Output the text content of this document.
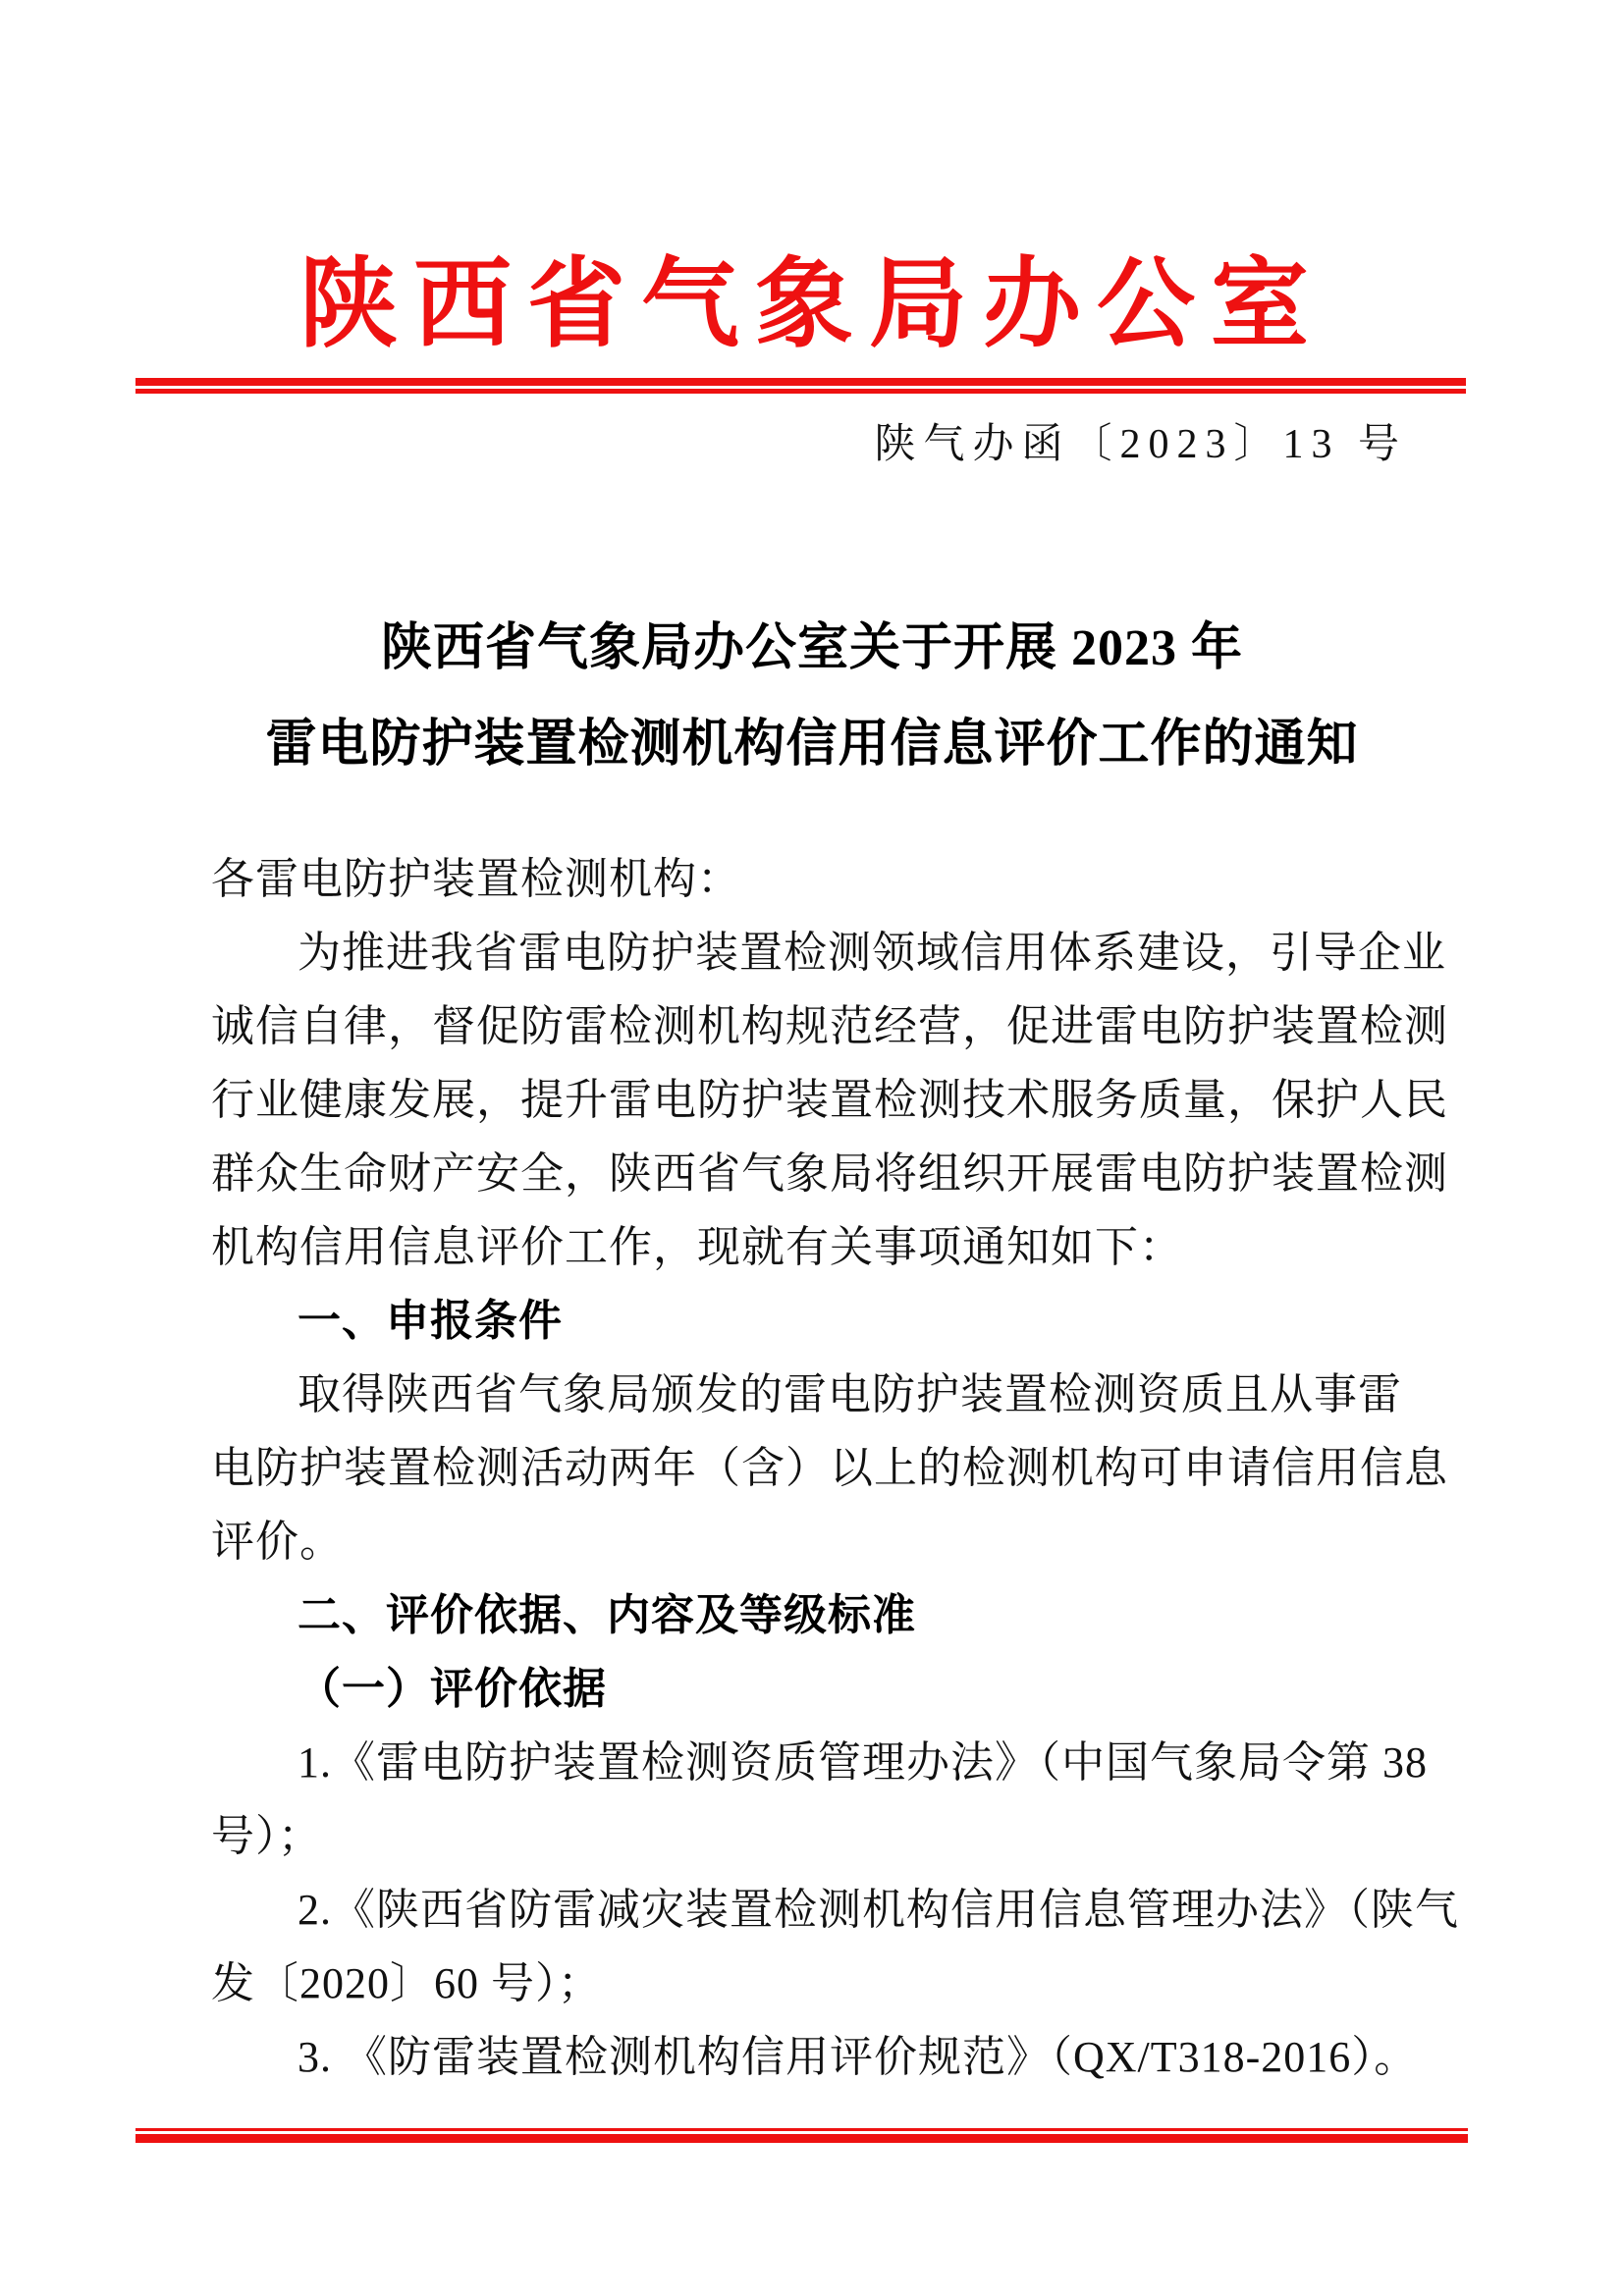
陕西省气象局办公室
陕气办函〔2023〕13 号
陕西省气象局办公室关于开展 2023 年
雷电防护装置检测机构信用信息评价工作的通知
各雷电防护装置检测机构：
为推进我省雷电防护装置检测领域信用体系建设，引导企业
诚信自律，督促防雷检测机构规范经营，促进雷电防护装置检测
行业健康发展，提升雷电防护装置检测技术服务质量，保护人民
群众生命财产安全，陕西省气象局将组织开展雷电防护装置检测
机构信用信息评价工作，现就有关事项通知如下：
一、申报条件
取得陕西省气象局颁发的雷电防护装置检测资质且从事雷
电防护装置检测活动两年（含）以上的检测机构可申请信用信息
评价。
二、评价依据、内容及等级标准
（一）评价依据
1.《雷电防护装置检测资质管理办法》（中国气象局令第 38
号）；
2.《陕西省防雷减灾装置检测机构信用信息管理办法》（陕气
发〔2020〕60 号）；
3. 《防雷装置检测机构信用评价规范》（QX/T318-2016）。
